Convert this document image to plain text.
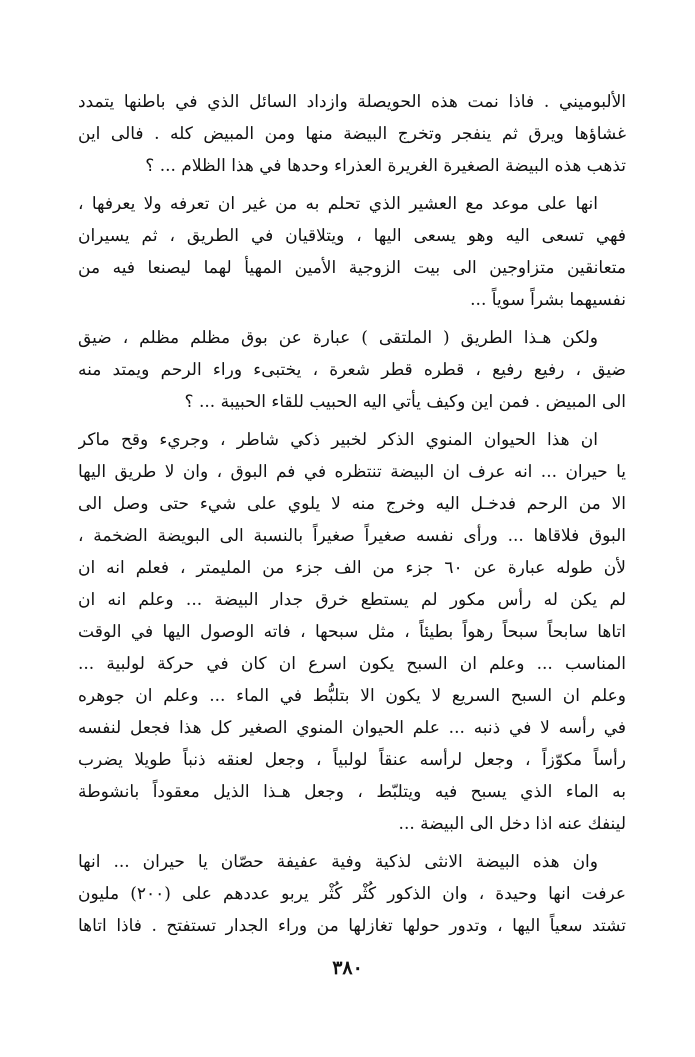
الألبوميني . فاذا نمت هذه الحويصلة وازداد السائل الذي في باطنها يتمدد
غشاؤها ويرق ثم ينفجر وتخرج البيضة منها ومن المبيض كله . فالى اين
تذهب هذه البيضة الصغيرة الغريرة العذراء وحدها في هذا الظلام ... ؟
انها على موعد مع العشير الذي تحلم به من غير ان تعرفه ولا يعرفها ،
فهي تسعى اليه وهو يسعى اليها ، ويتلاقيان في الطريق ، ثم يسيران
متعانقين متزاوجين الى بيت الزوجية الأمين المهيأ لهما ليصنعا فيه من
نفسيهما بشراً سوياً ...
ولكن هـذا الطريق ( الملتقى ) عبارة عن بوق مظلم مظلم ، ضيق
ضيق ، رفيع رفيع ، قطره قطر شعرة ، يختبىء وراء الرحم ويمتد منه
الى المبيض . فمن اين وكيف يأتي اليه الحبيب للقاء الحبيبة ... ؟
ان هذا الحيوان المنوي الذكر لخبير ذكي شاطر ، وجريء وقح ماكر
يا حيران ... انه عرف ان البيضة تنتظره في فم البوق ، وان لا طريق اليها
الا من الرحم فدخـل اليه وخرج منه لا يلوي على شيء حتى وصل الى
البوق فلاقاها ... ورأى نفسه صغيراً صغيراً بالنسبة الى البويضة الضخمة ،
لأن طوله عبارة عن ٦٠ جزء من الف جزء من المليمتر ، فعلم انه ان
لم يكن له رأس مكور لم يستطع خرق جدار البيضة ... وعلم انه ان
اتاها سابحاً سبحاً رهواً بطيئاً ، مثل سبحها ، فاته الوصول اليها في الوقت
المناسب ... وعلم ان السبح يكون اسرع ان كان في حركة لولبية ...
وعلم ان السبح السريع لا يكون الا بتلبُّط في الماء ... وعلم ان جوهره
في رأسه لا في ذنبه ... علم الحيوان المنوي الصغير كل هذا فجعل لنفسه
رأساً مكوّزاً ، وجعل لرأسه عنقاً لولبياً ، وجعل لعنقه ذنباً طويلا يضرب
به الماء الذي يسبح فيه ويتلبّط ، وجعل هـذا الذيل معقوداً بانشوطة
لينفك عنه اذا دخل الى البيضة ...
وان هذه البيضة الانثى لذكية وفية عفيفة حصّان يا حيران ... انها
عرفت انها وحيدة ، وان الذكور كُثْر كُثْر يربو عددهم على (٢٠٠) مليون
تشتد سعياً اليها ، وتدور حولها تغازلها من وراء الجدار تستفتح . فاذا اتاها
٣٨٠
